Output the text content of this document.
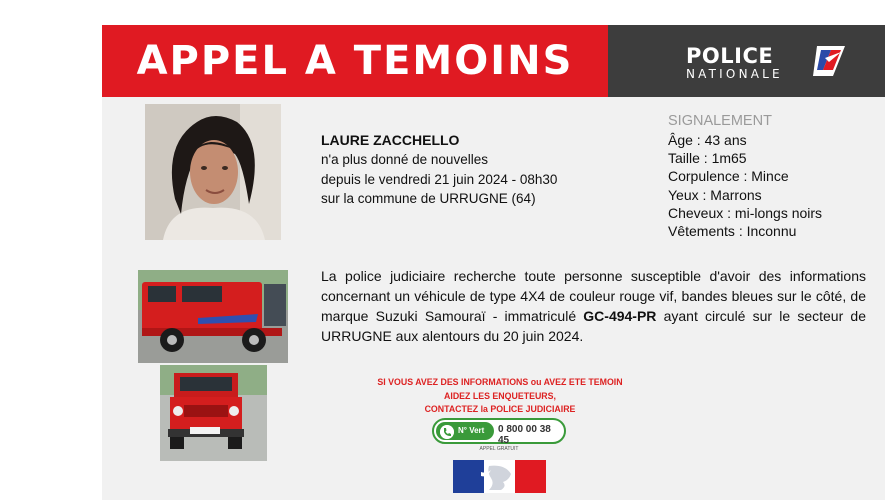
APPEL A TEMOINS	POLICE
NATIONALE
LAURE ZACCHELLO
n'a plus donné de nouvelles
depuis le vendredi 21 juin 2024 - 08h30
sur la commune de URRUGNE (64)
SIGNALEMENT
Âge : 43 ans
Taille : 1m65
Corpulence : Mince
Yeux : Marrons
Cheveux : mi-longs noirs
Vêtements : Inconnu
La police judiciaire recherche toute personne susceptible d'avoir des informations concernant un véhicule de type 4X4 de couleur rouge vif, bandes bleues sur le côté, de marque Suzuki Samouraï - immatriculé GC-494-PR ayant circulé sur le secteur de URRUGNE aux alentours du 20 juin 2024.
SI VOUS AVEZ DES INFORMATIONS ou AVEZ ETE TEMOIN
AIDEZ LES ENQUETEURS,
CONTACTEZ la POLICE JUDICIAIRE
N° Vert 0 800 00 38 45
APPEL GRATUIT
